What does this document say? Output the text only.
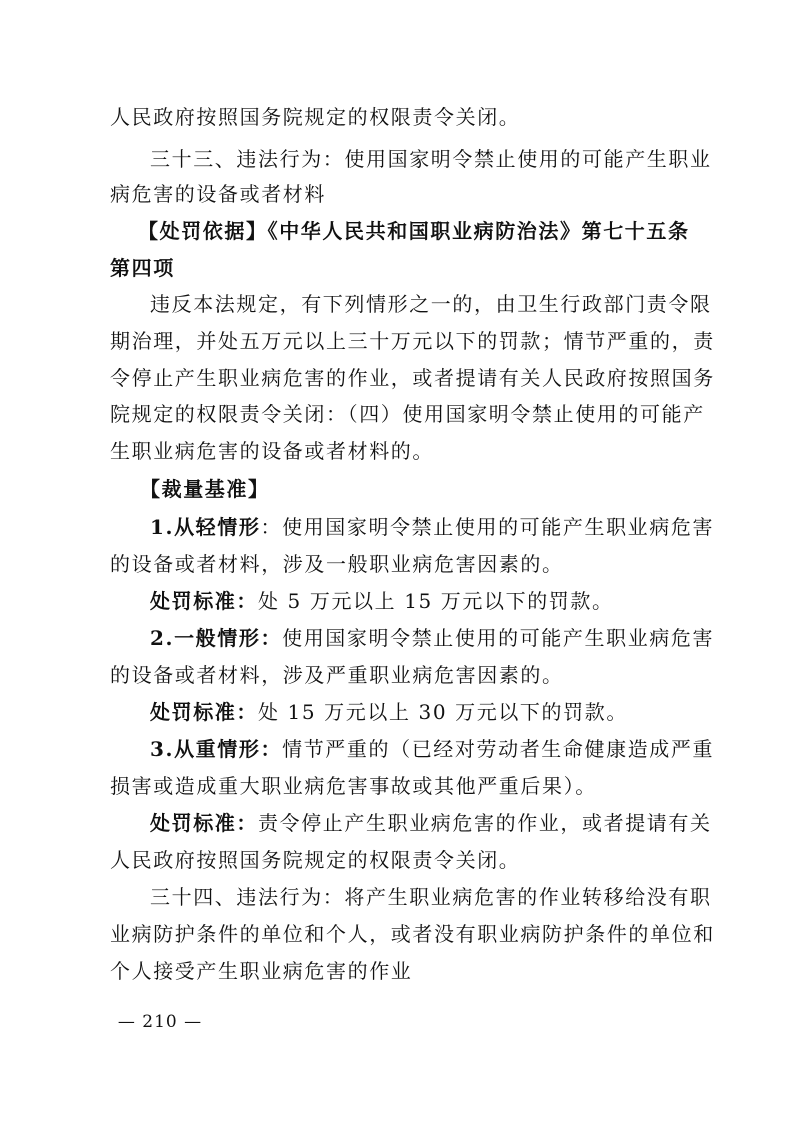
人民政府按照国务院规定的权限责令关闭。
三十三、违法行为：使用国家明令禁止使用的可能产生职业
病危害的设备或者材料
【处罚依据】《中华人民共和国职业病防治法》第七十五条
第四项
违反本法规定，有下列情形之一的，由卫生行政部门责令限
期治理，并处五万元以上三十万元以下的罚款；情节严重的，责
令停止产生职业病危害的作业，或者提请有关人民政府按照国务
院规定的权限责令关闭：（四）使用国家明令禁止使用的可能产
生职业病危害的设备或者材料的。
【裁量基准】
1.从轻情形：使用国家明令禁止使用的可能产生职业病危害
的设备或者材料，涉及一般职业病危害因素的。
处罚标准：处 5 万元以上 15 万元以下的罚款。
2.一般情形：使用国家明令禁止使用的可能产生职业病危害
的设备或者材料，涉及严重职业病危害因素的。
处罚标准：处 15 万元以上 30 万元以下的罚款。
3.从重情形：情节严重的（已经对劳动者生命健康造成严重
损害或造成重大职业病危害事故或其他严重后果）。
处罚标准：责令停止产生职业病危害的作业，或者提请有关
人民政府按照国务院规定的权限责令关闭。
三十四、违法行为：将产生职业病危害的作业转移给没有职
业病防护条件的单位和个人，或者没有职业病防护条件的单位和
个人接受产生职业病危害的作业
— 210 —
